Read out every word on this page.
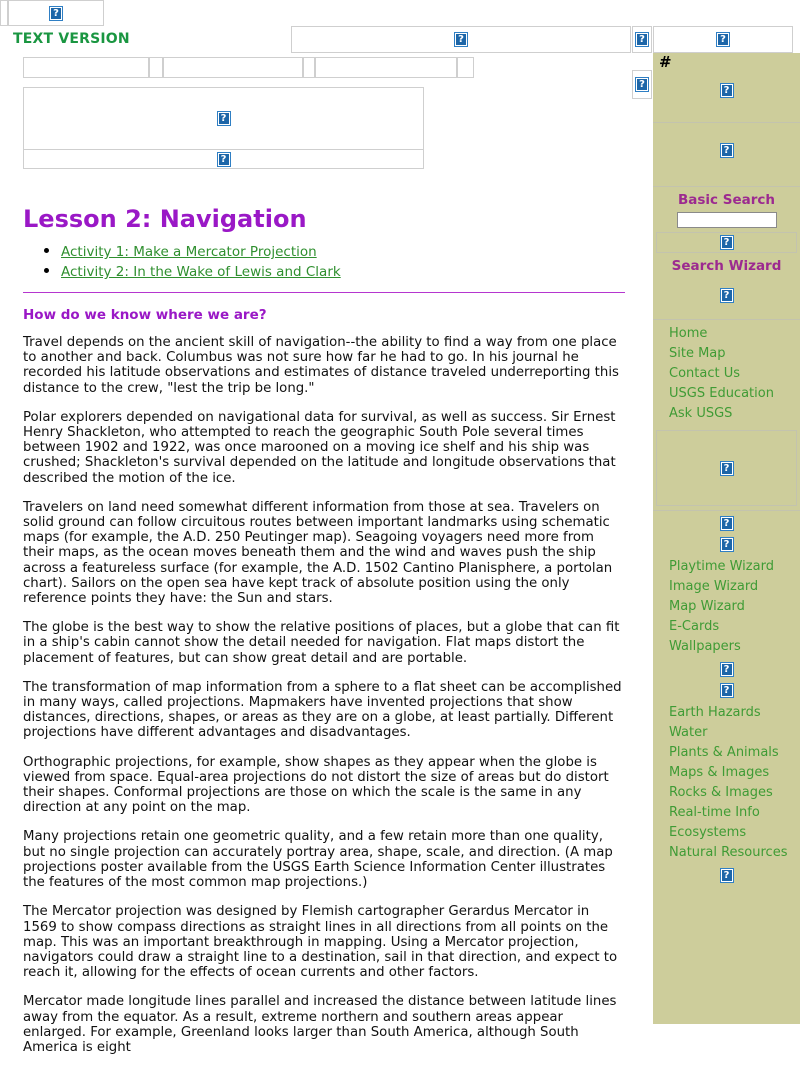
?
TEXT VERSION
?
?
?
?
?
?
#
?
?
Basic Search
?
Search Wizard
?
Home
Site Map
Contact Us
USGS Education
Ask USGS
?
?
?
Playtime Wizard
Image Wizard
Map Wizard
E-Cards
Wallpapers
?
?
Earth Hazards
Water
Plants & Animals
Maps & Images
Rocks & Images
Real-time Info
Ecosystems
Natural Resources
?
Lesson 2: Navigation
• Activity 1: Make a Mercator Projection
• Activity 2: In the Wake of Lewis and Clark
How do we know where we are?

Travel depends on the ancient skill of navigation--the ability to find a way from one place to another and back. Columbus was not sure how far he had to go. In his journal he recorded his latitude observations and estimates of distance traveled underreporting this distance to the crew, "lest the trip be long."

Polar explorers depended on navigational data for survival, as well as success. Sir Ernest Henry Shackleton, who attempted to reach the geographic South Pole several times between 1902 and 1922, was once marooned on a moving ice shelf and his ship was crushed; Shackleton's survival depended on the latitude and longitude observations that described the motion of the ice.

Travelers on land need somewhat different information from those at sea. Travelers on solid ground can follow circuitous routes between important landmarks using schematic maps (for example, the A.D. 250 Peutinger map). Seagoing voyagers need more from their maps, as the ocean moves beneath them and the wind and waves push the ship across a featureless surface (for example, the A.D. 1502 Cantino Planisphere, a portolan chart). Sailors on the open sea have kept track of absolute position using the only reference points they have: the Sun and stars.

The globe is the best way to show the relative positions of places, but a globe that can fit in a ship's cabin cannot show the detail needed for navigation. Flat maps distort the placement of features, but can show great detail and are portable.

The transformation of map information from a sphere to a flat sheet can be accomplished in many ways, called projections. Mapmakers have invented projections that show distances, directions, shapes, or areas as they are on a globe, at least partially. Different projections have different advantages and disadvantages.

Orthographic projections, for example, show shapes as they appear when the globe is viewed from space. Equal-area projections do not distort the size of areas but do distort their shapes. Conformal projections are those on which the scale is the same in any direction at any point on the map.

Many projections retain one geometric quality, and a few retain more than one quality, but no single projection can accurately portray area, shape, scale, and direction. (A map projections poster available from the USGS Earth Science Information Center illustrates the features of the most common map projections.)

The Mercator projection was designed by Flemish cartographer Gerardus Mercator in 1569 to show compass directions as straight lines in all directions from all points on the map. This was an important breakthrough in mapping. Using a Mercator projection, navigators could draw a straight line to a destination, sail in that direction, and expect to reach it, allowing for the effects of ocean currents and other factors.

Mercator made longitude lines parallel and increased the distance between latitude lines away from the equator. As a result, extreme northern and southern areas appear enlarged. For example, Greenland looks larger than South America, although South America is eight
